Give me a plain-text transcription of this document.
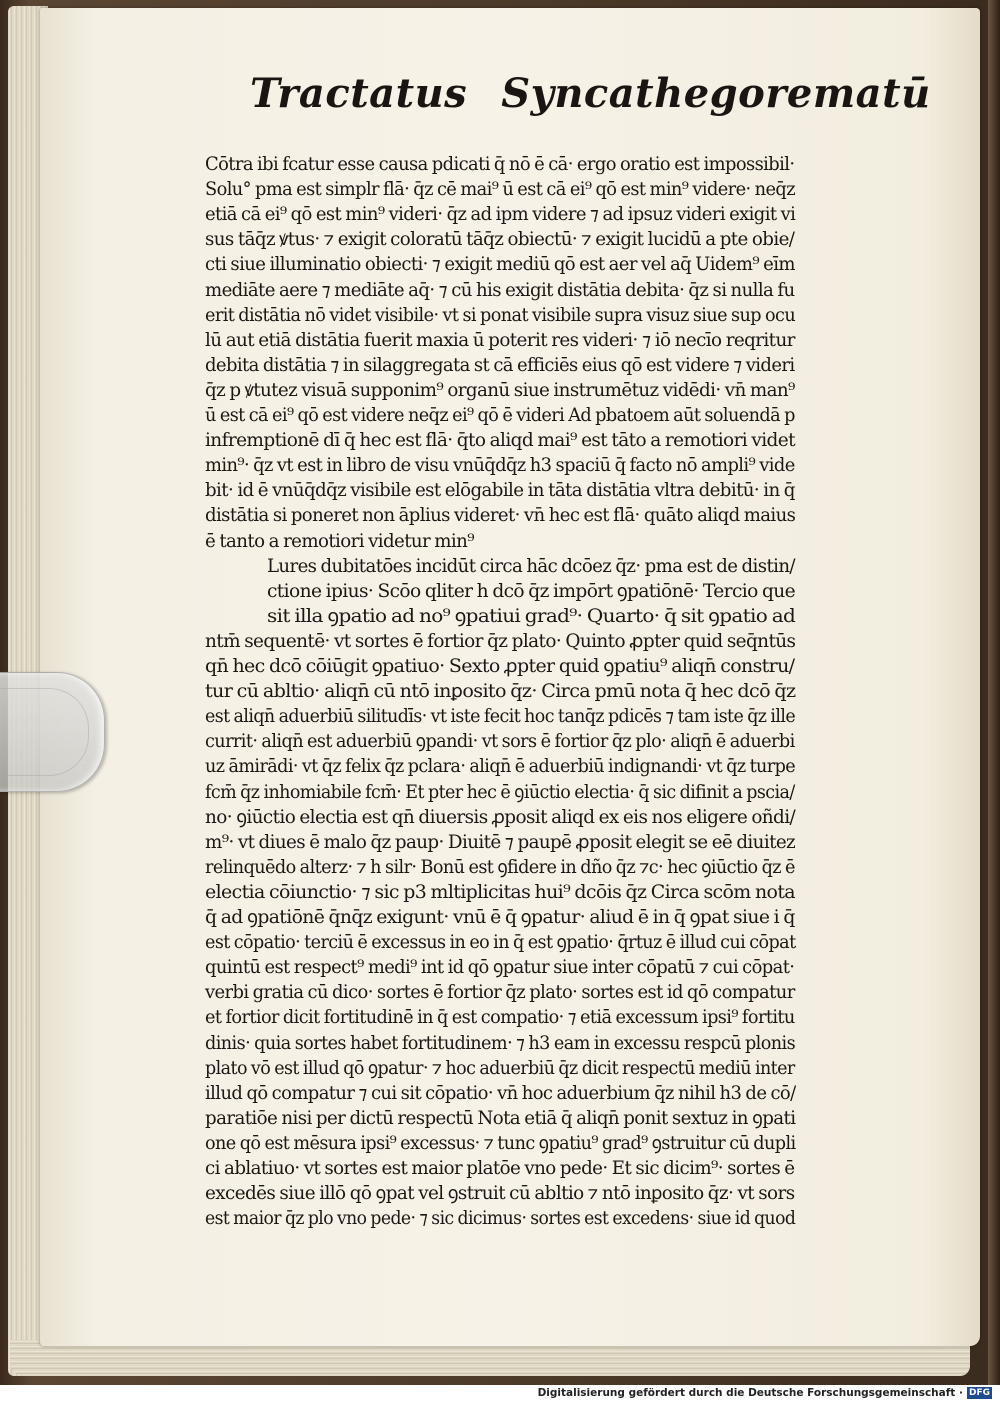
Tractatus Syncathegorematū
Cōtra ibi fcatur esse causa pdicati q̄ nō ē cā· ergo oratio est impossibil·
Solu° pma est simplr flā· q̄z cē mai⁹ ū est cā ei⁹ qō est min⁹ videre· neq̄z
etiā cā ei⁹ qō est min⁹ videri· q̄z ad ipm videre ⁊ ad ipsuz videri exigit vi
sus tāq̄z ꝟtus· ⁊ exigit coloratū tāq̄z obiectū· ⁊ exigit lucidū a pte obie/
cti siue illuminatio obiecti· ⁊ exigit mediū qō est aer vel aq̄ Uidem⁹ eīm
mediāte aere ⁊ mediāte aq̄· ⁊ cū his exigit distātia debita· q̄z si nulla fu
erit distātia nō videt visibile· vt si ponat visibile supra visuz siue sup ocu
lū aut etiā distātia fuerit maxia ū poterit res videri· ⁊ iō necīo reqritur
debita distātia ⁊ in silaggregata st cā efficiēs eius qō est videre ⁊ videri
q̄z p ꝟtutez visuā supponim⁹ organū siue instrumētuz vidēdi· vn̄ man⁹
ū est cā ei⁹ qō est videre neq̄z ei⁹ qō ē videri Ad pbatoem aūt soluendā p
infremptionē dī q̄ hec est flā· q̄to aliqd mai⁹ est tāto a remotiori videt
min⁹· q̄z vt est in libro de visu vnūq̄dq̄z h3 spaciū q̄ facto nō ampli⁹ vide
bit· id ē vnūq̄dq̄z visibile est elōgabile in tāta distātia vltra debitū· in q̄
distātia si poneret non āplius videret· vn̄ hec est flā· quāto aliqd maius
ē tanto a remotiori videtur min⁹
Lures dubitatōes incidūt circa hāc dcōez q̄z· pma est de distin/
ctione ipius· Scōo qliter h dcō q̄z impōrt ꝯpatiōnē· Tercio que
sit illa ꝯpatio ad no⁹ ꝯpatiui grad⁹· Quarto· q̄ sit ꝯpatio ad
ntm̄ sequentē· vt sortes ē fortior q̄z plato· Quinto ꝓpter quid seq̄ntūs
qn̄ hec dcō cōiūgit ꝯpatiuo· Sexto ꝓpter quid ꝯpatiu⁹ aliqn̄ constru/
tur cū abltio· aliqn̄ cū ntō inꝑosito q̄z· Circa pmū nota q̄ hec dcō q̄z
est aliqn̄ aduerbiū silitudīs· vt iste fecit hoc tanq̄z pdicēs ⁊ tam iste q̄z ille
currit· aliqn̄ est aduerbiū ꝯpandi· vt sors ē fortior q̄z plo· aliqn̄ ē aduerbi
uz āmirādi· vt q̄z felix q̄z pclara· aliqn̄ ē aduerbiū indignandi· vt q̄z turpe
fcm̄ q̄z inhomiabile fcm̄· Et pter hec ē ꝯiūctio electia· q̄ sic difinit a pscia/
no· ꝯiūctio electia est qn̄ diuersis ꝓposit aliqd ex eis nos eligere oñdi/
m⁹· vt diues ē malo q̄z paup· Diuitē ⁊ paupē ꝓposit elegit se eē diuitez
relinquēdo alterz· ⁊ h silr· Bonū est ꝯfidere in dño q̄z ⁊c· hec ꝯiūctio q̄z ē
electia cōiunctio· ⁊ sic p3 mltiplicitas hui⁹ dcōis q̄z Circa scōm nota
q̄ ad ꝯpatiōnē q̄nq̄z exigunt· vnū ē q̄ ꝯpatur· aliud ē in q̄ ꝯpat siue i q̄
est cōpatio· terciū ē excessus in eo in q̄ est ꝯpatio· q̄rtuz ē illud cui cōpat
quintū est respect⁹ medi⁹ int id qō ꝯpatur siue inter cōpatū ⁊ cui cōpat·
verbi gratia cū dico· sortes ē fortior q̄z plato· sortes est id qō compatur
et fortior dicit fortitudinē in q̄ est compatio· ⁊ etiā excessum ipsi⁹ fortitu
dinis· quia sortes habet fortitudinem· ⁊ h3 eam in excessu respcū plonis
plato vō est illud qō ꝯpatur· ⁊ hoc aduerbiū q̄z dicit respectū mediū inter
illud qō compatur ⁊ cui sit cōpatio· vn̄ hoc aduerbium q̄z nihil h3 de cō/
paratiōe nisi per dictū respectū Nota etiā q̄ aliqn̄ ponit sextuz in ꝯpati
one qō est mēsura ipsi⁹ excessus· ⁊ tunc ꝯpatiu⁹ grad⁹ ꝯstruitur cū dupli
ci ablatiuo· vt sortes est maior platōe vno pede· Et sic dicim⁹· sortes ē
excedēs siue illō qō ꝯpat vel ꝯstruit cū abltio ⁊ ntō inꝑosito q̄z· vt sors
est maior q̄z plo vno pede· ⁊ sic dicimus· sortes est excedens· siue id quod
Digitalisierung gefördert durch die Deutsche Forschungsgemeinschaft · DFG
